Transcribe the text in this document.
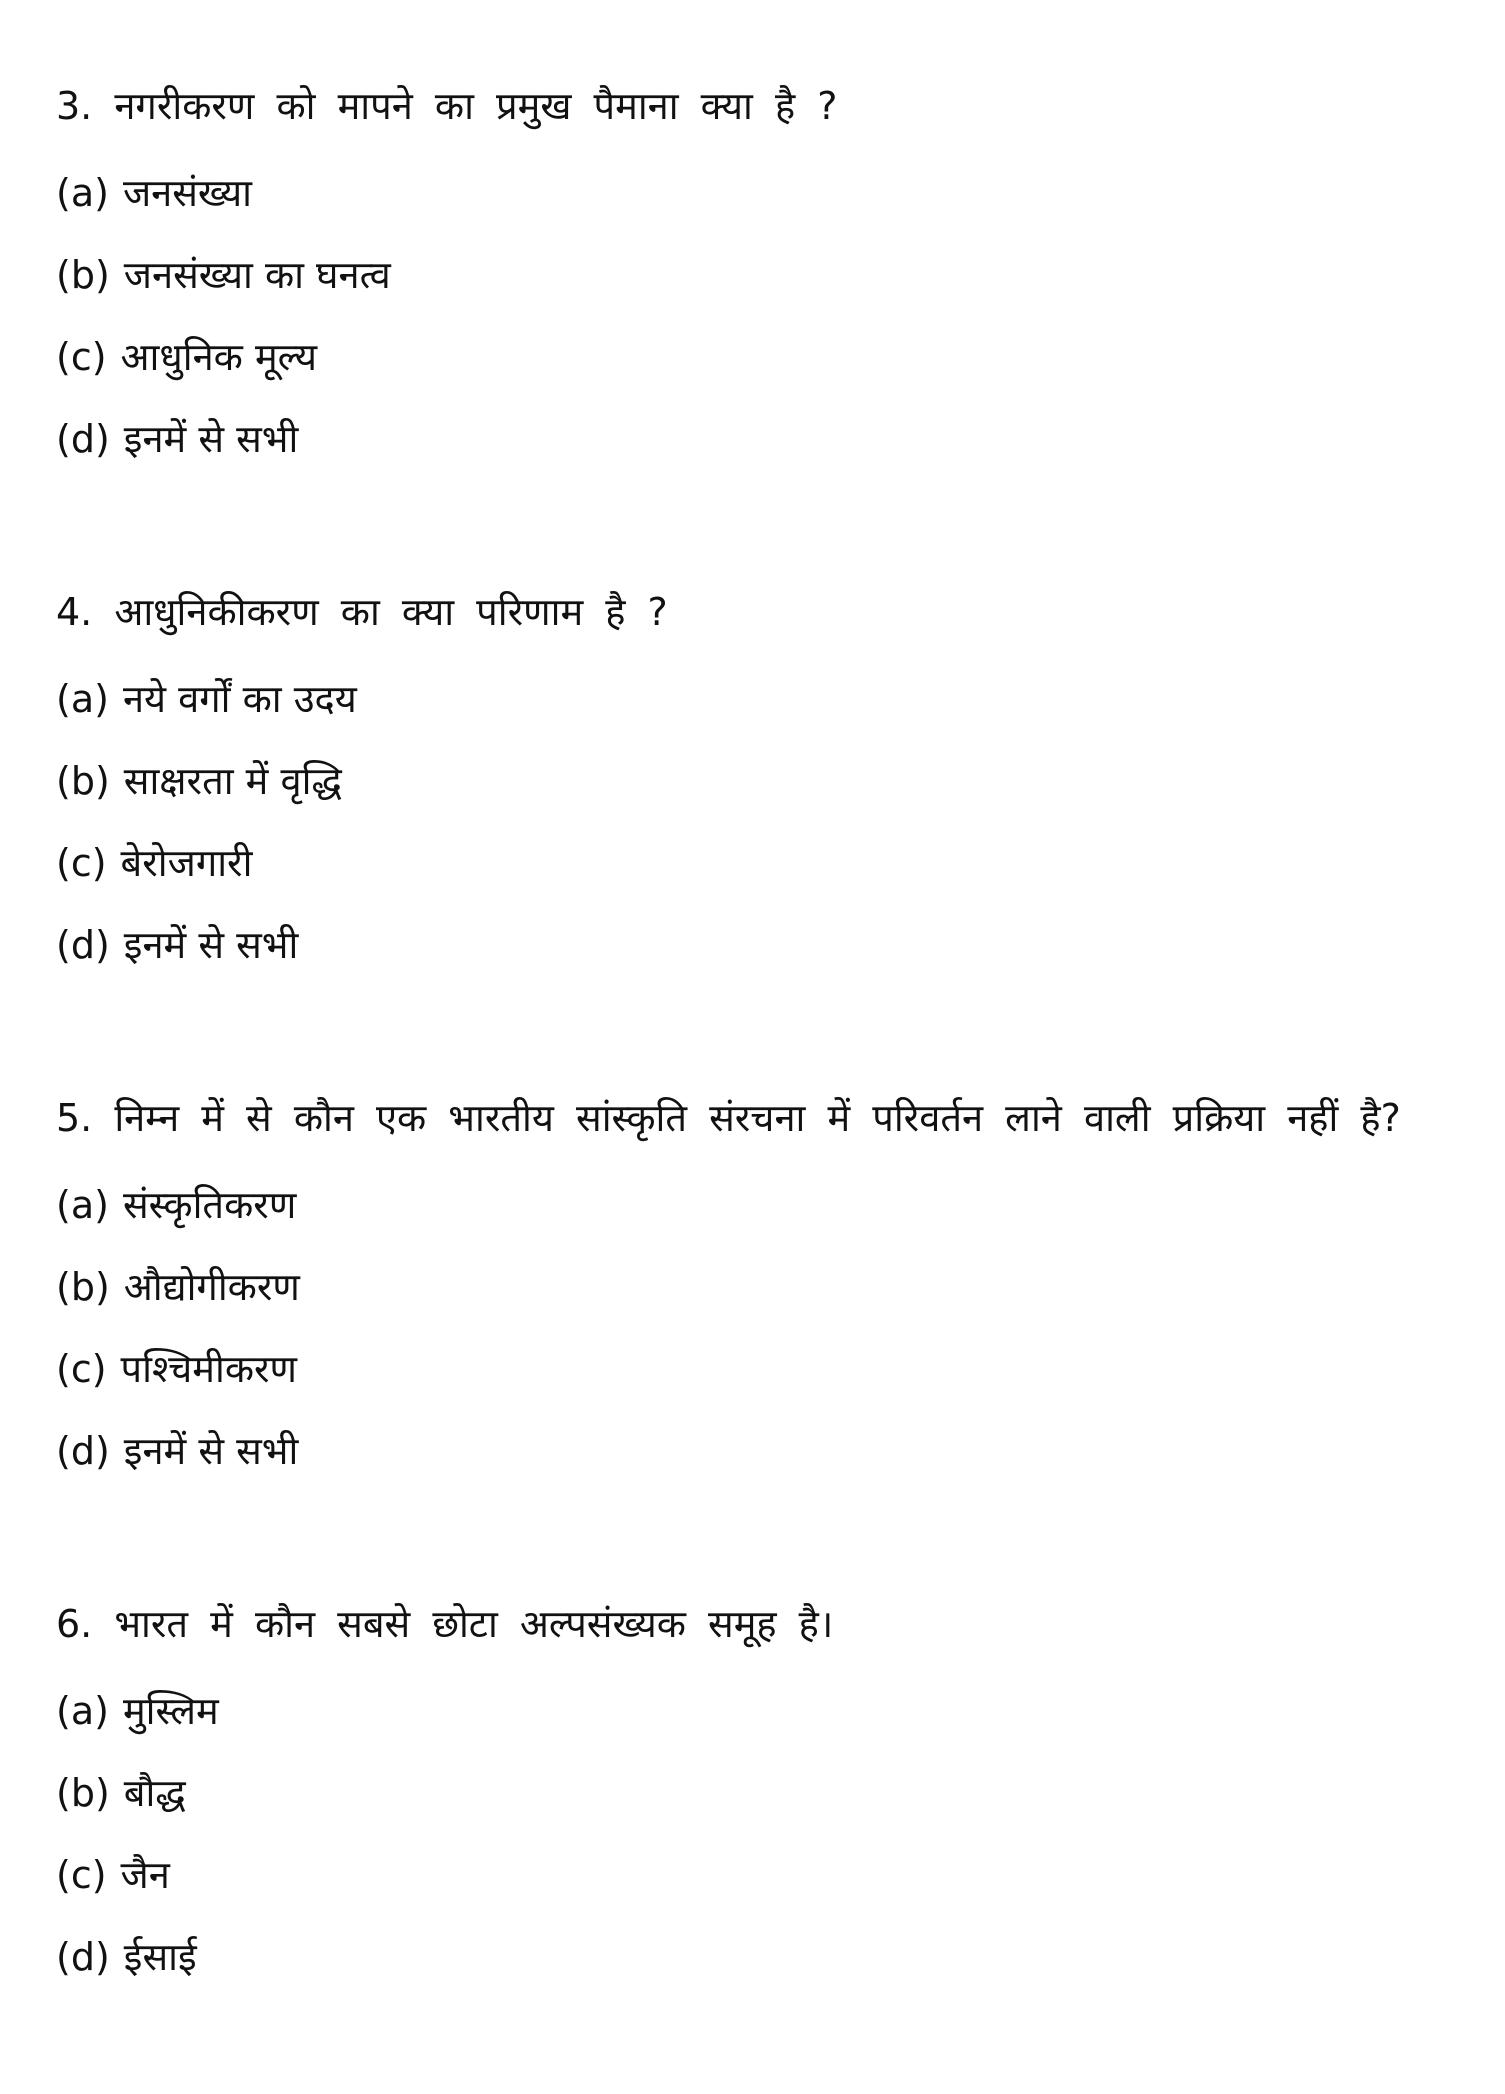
3. नगरीकरण को मापने का प्रमुख पैमाना क्या है ?

(a) जनसंख्या

(b) जनसंख्या का घनत्व

(c) आधुनिक मूल्य

(d) इनमें से सभी

4. आधुनिकीकरण का क्या परिणाम है ?

(a) नये वर्गों का उदय

(b) साक्षरता में वृद्धि

(c) बेरोजगारी

(d) इनमें से सभी

5. निम्न में से कौन एक भारतीय सांस्कृति संरचना में परिवर्तन लाने वाली प्रक्रिया नहीं है?

(a) संस्कृतिकरण

(b) औद्योगीकरण

(c) पश्चिमीकरण

(d) इनमें से सभी

6. भारत में कौन सबसे छोटा अल्पसंख्यक समूह है।

(a) मुस्लिम

(b) बौद्ध

(c) जैन

(d) ईसाई
